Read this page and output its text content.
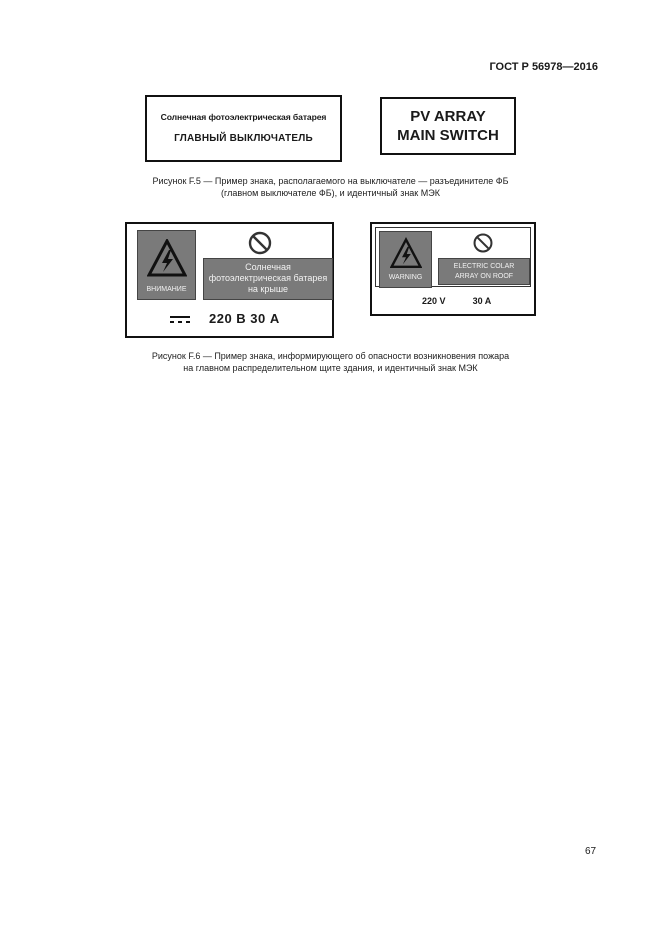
ГОСТ Р 56978—2016
Солнечная фотоэлектрическая батарея
ГЛАВНЫЙ ВЫКЛЮЧАТЕЛЬ
PV ARRAY
MAIN SWITCH
Рисунок F.5 — Пример знака, располагаемого на выключателе — разъединителе ФБ
(главном выключателе ФБ), и идентичный знак МЭК
ВНИМАНИЕ
Солнечная
фотоэлектрическая батарея
на крыше
220 В 30 А
WARNING
ELECTRIC COLAR
ARRAY ON ROOF
220 V	30 A
Рисунок F.6 — Пример знака, информирующего об опасности возникновения пожара
на главном распределительном щите здания, и идентичный знак МЭК
67
